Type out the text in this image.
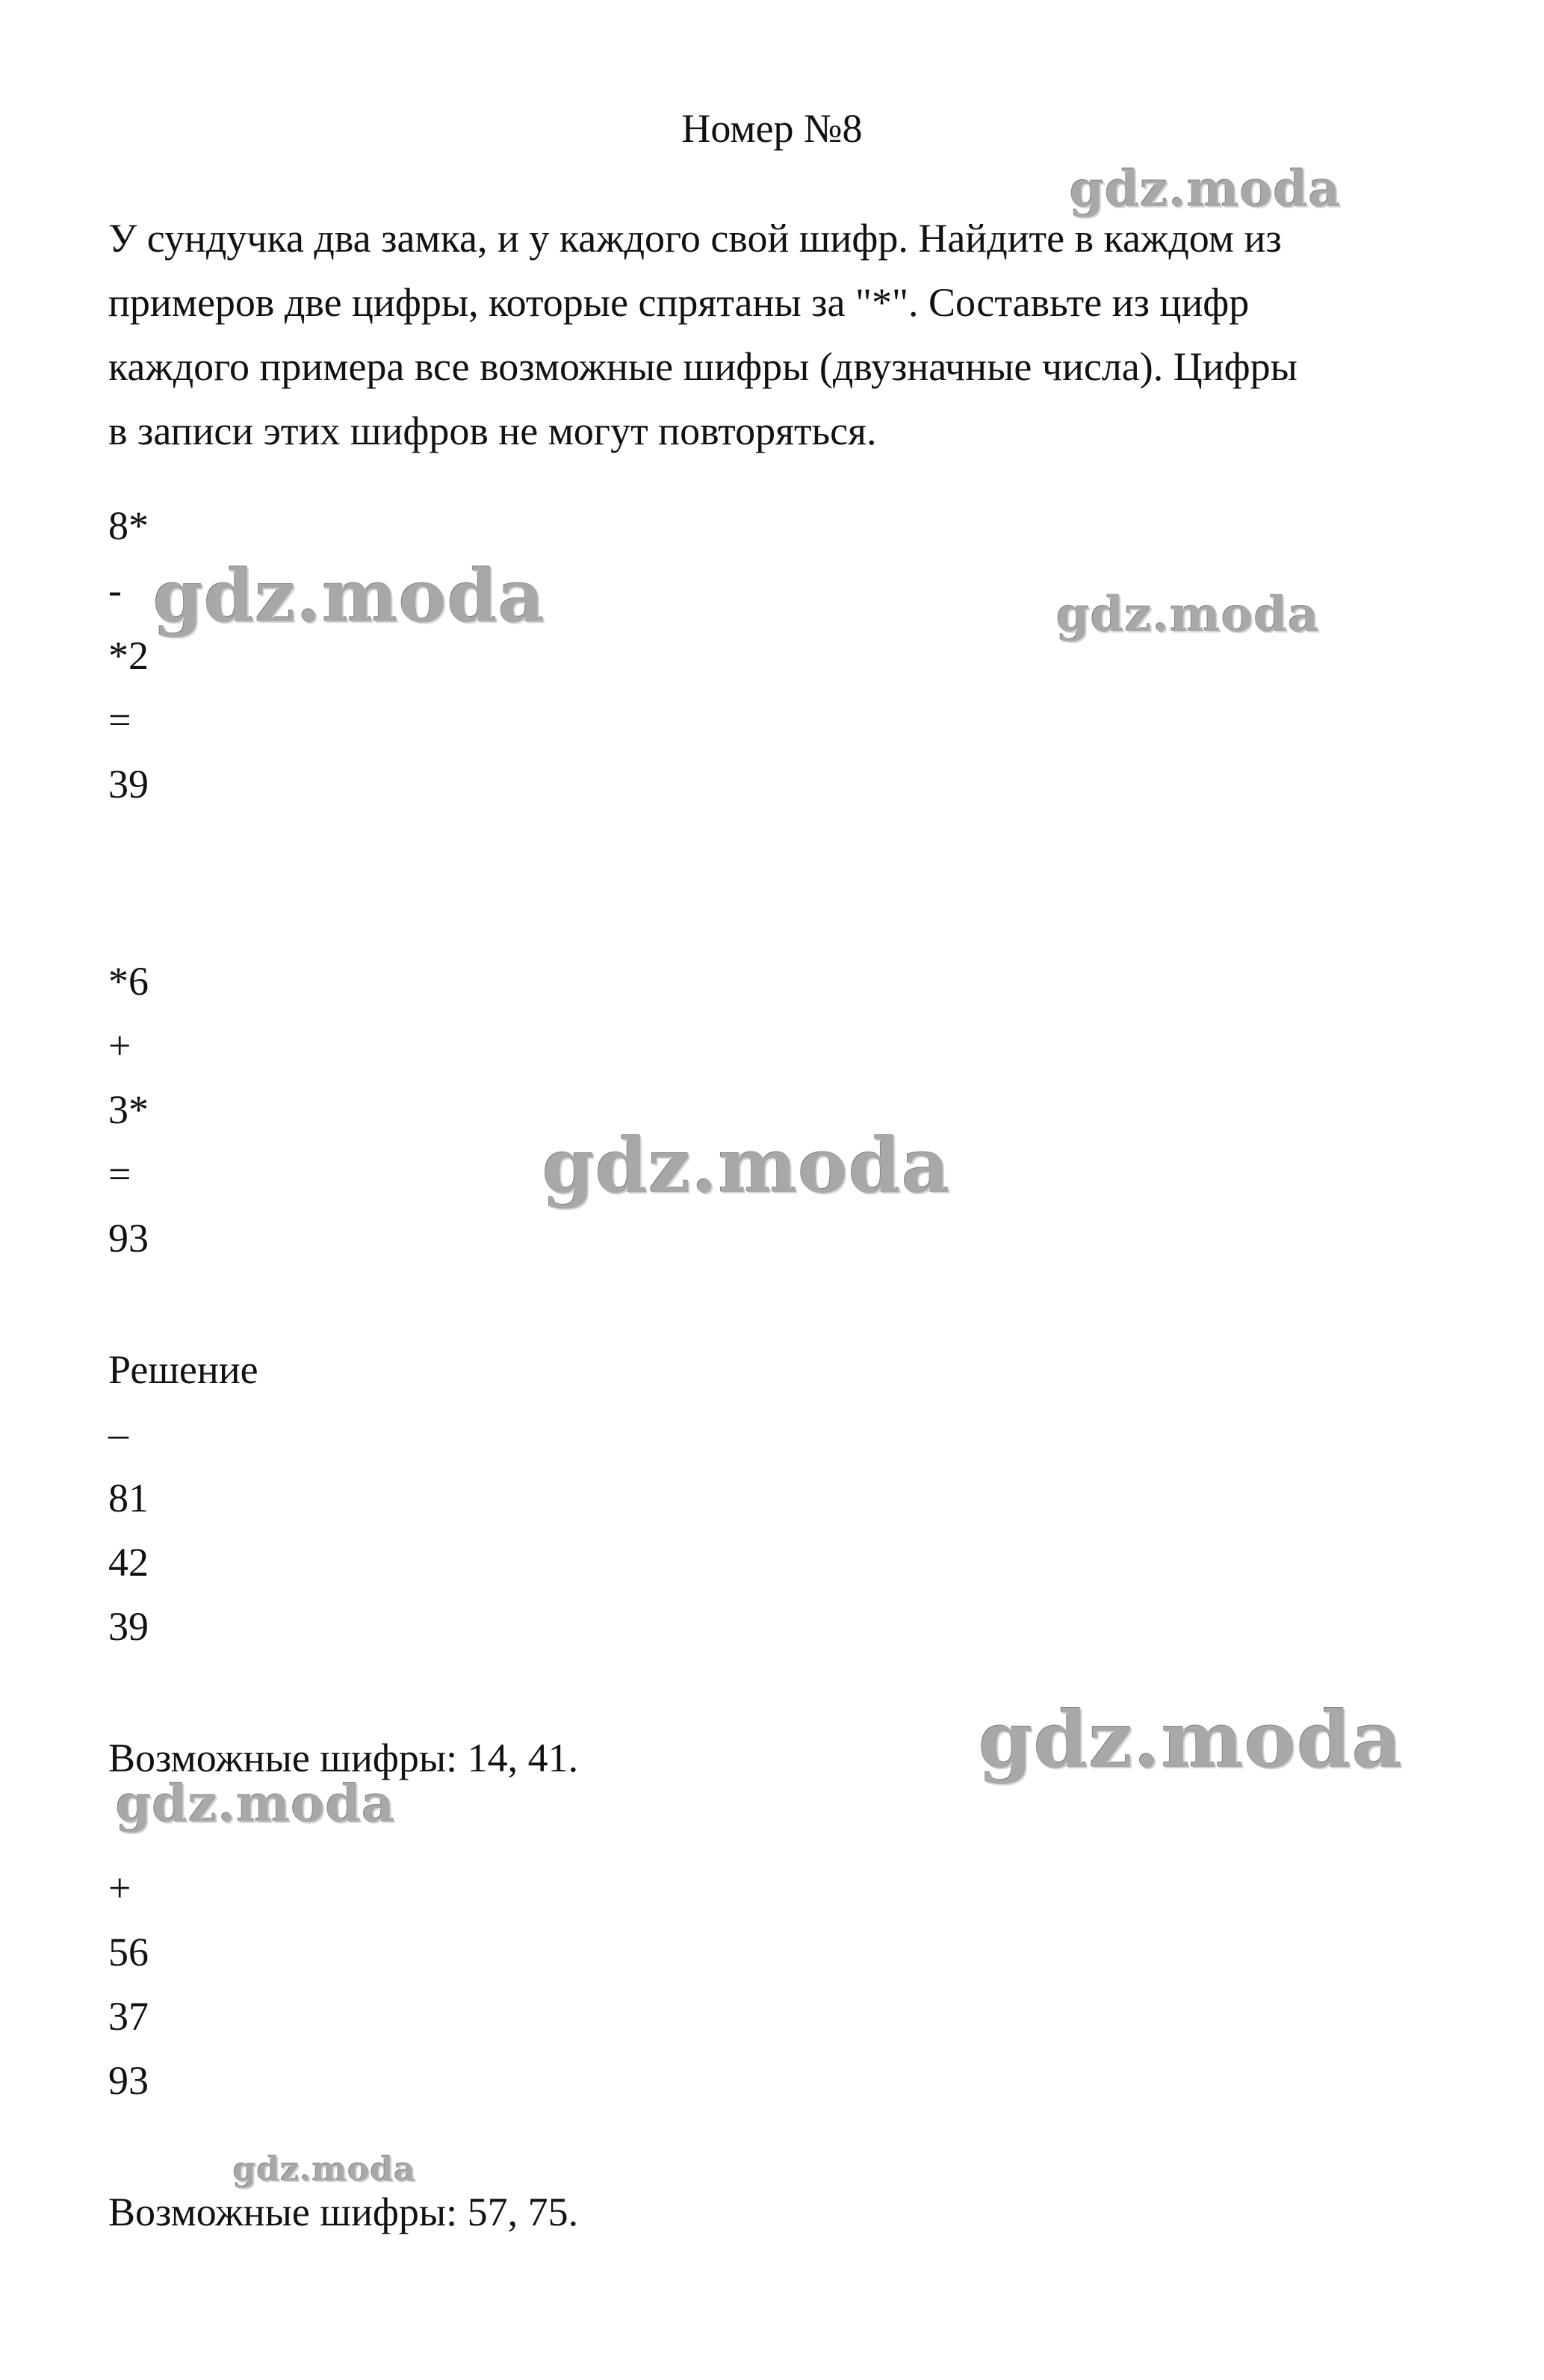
Номер №8
У сундучка два замка, и у каждого свой шифр. Найдите в каждом из
примеров две цифры, которые спрятаны за "*". Составьте из цифр
каждого примера все возможные шифры (двузначные числа). Цифры
в записи этих шифров не могут повторяться.
8*
-
*2
=
39
*6
+
3*
=
93
Решение
–
81
42
39
Возможные шифры: 14, 41.
+
56
37
93
Возможные шифры: 57, 75.
gdz.moda
gdz.moda	gdz.moda
gdz.moda
gdz.moda
gdz.moda
gdz.moda
